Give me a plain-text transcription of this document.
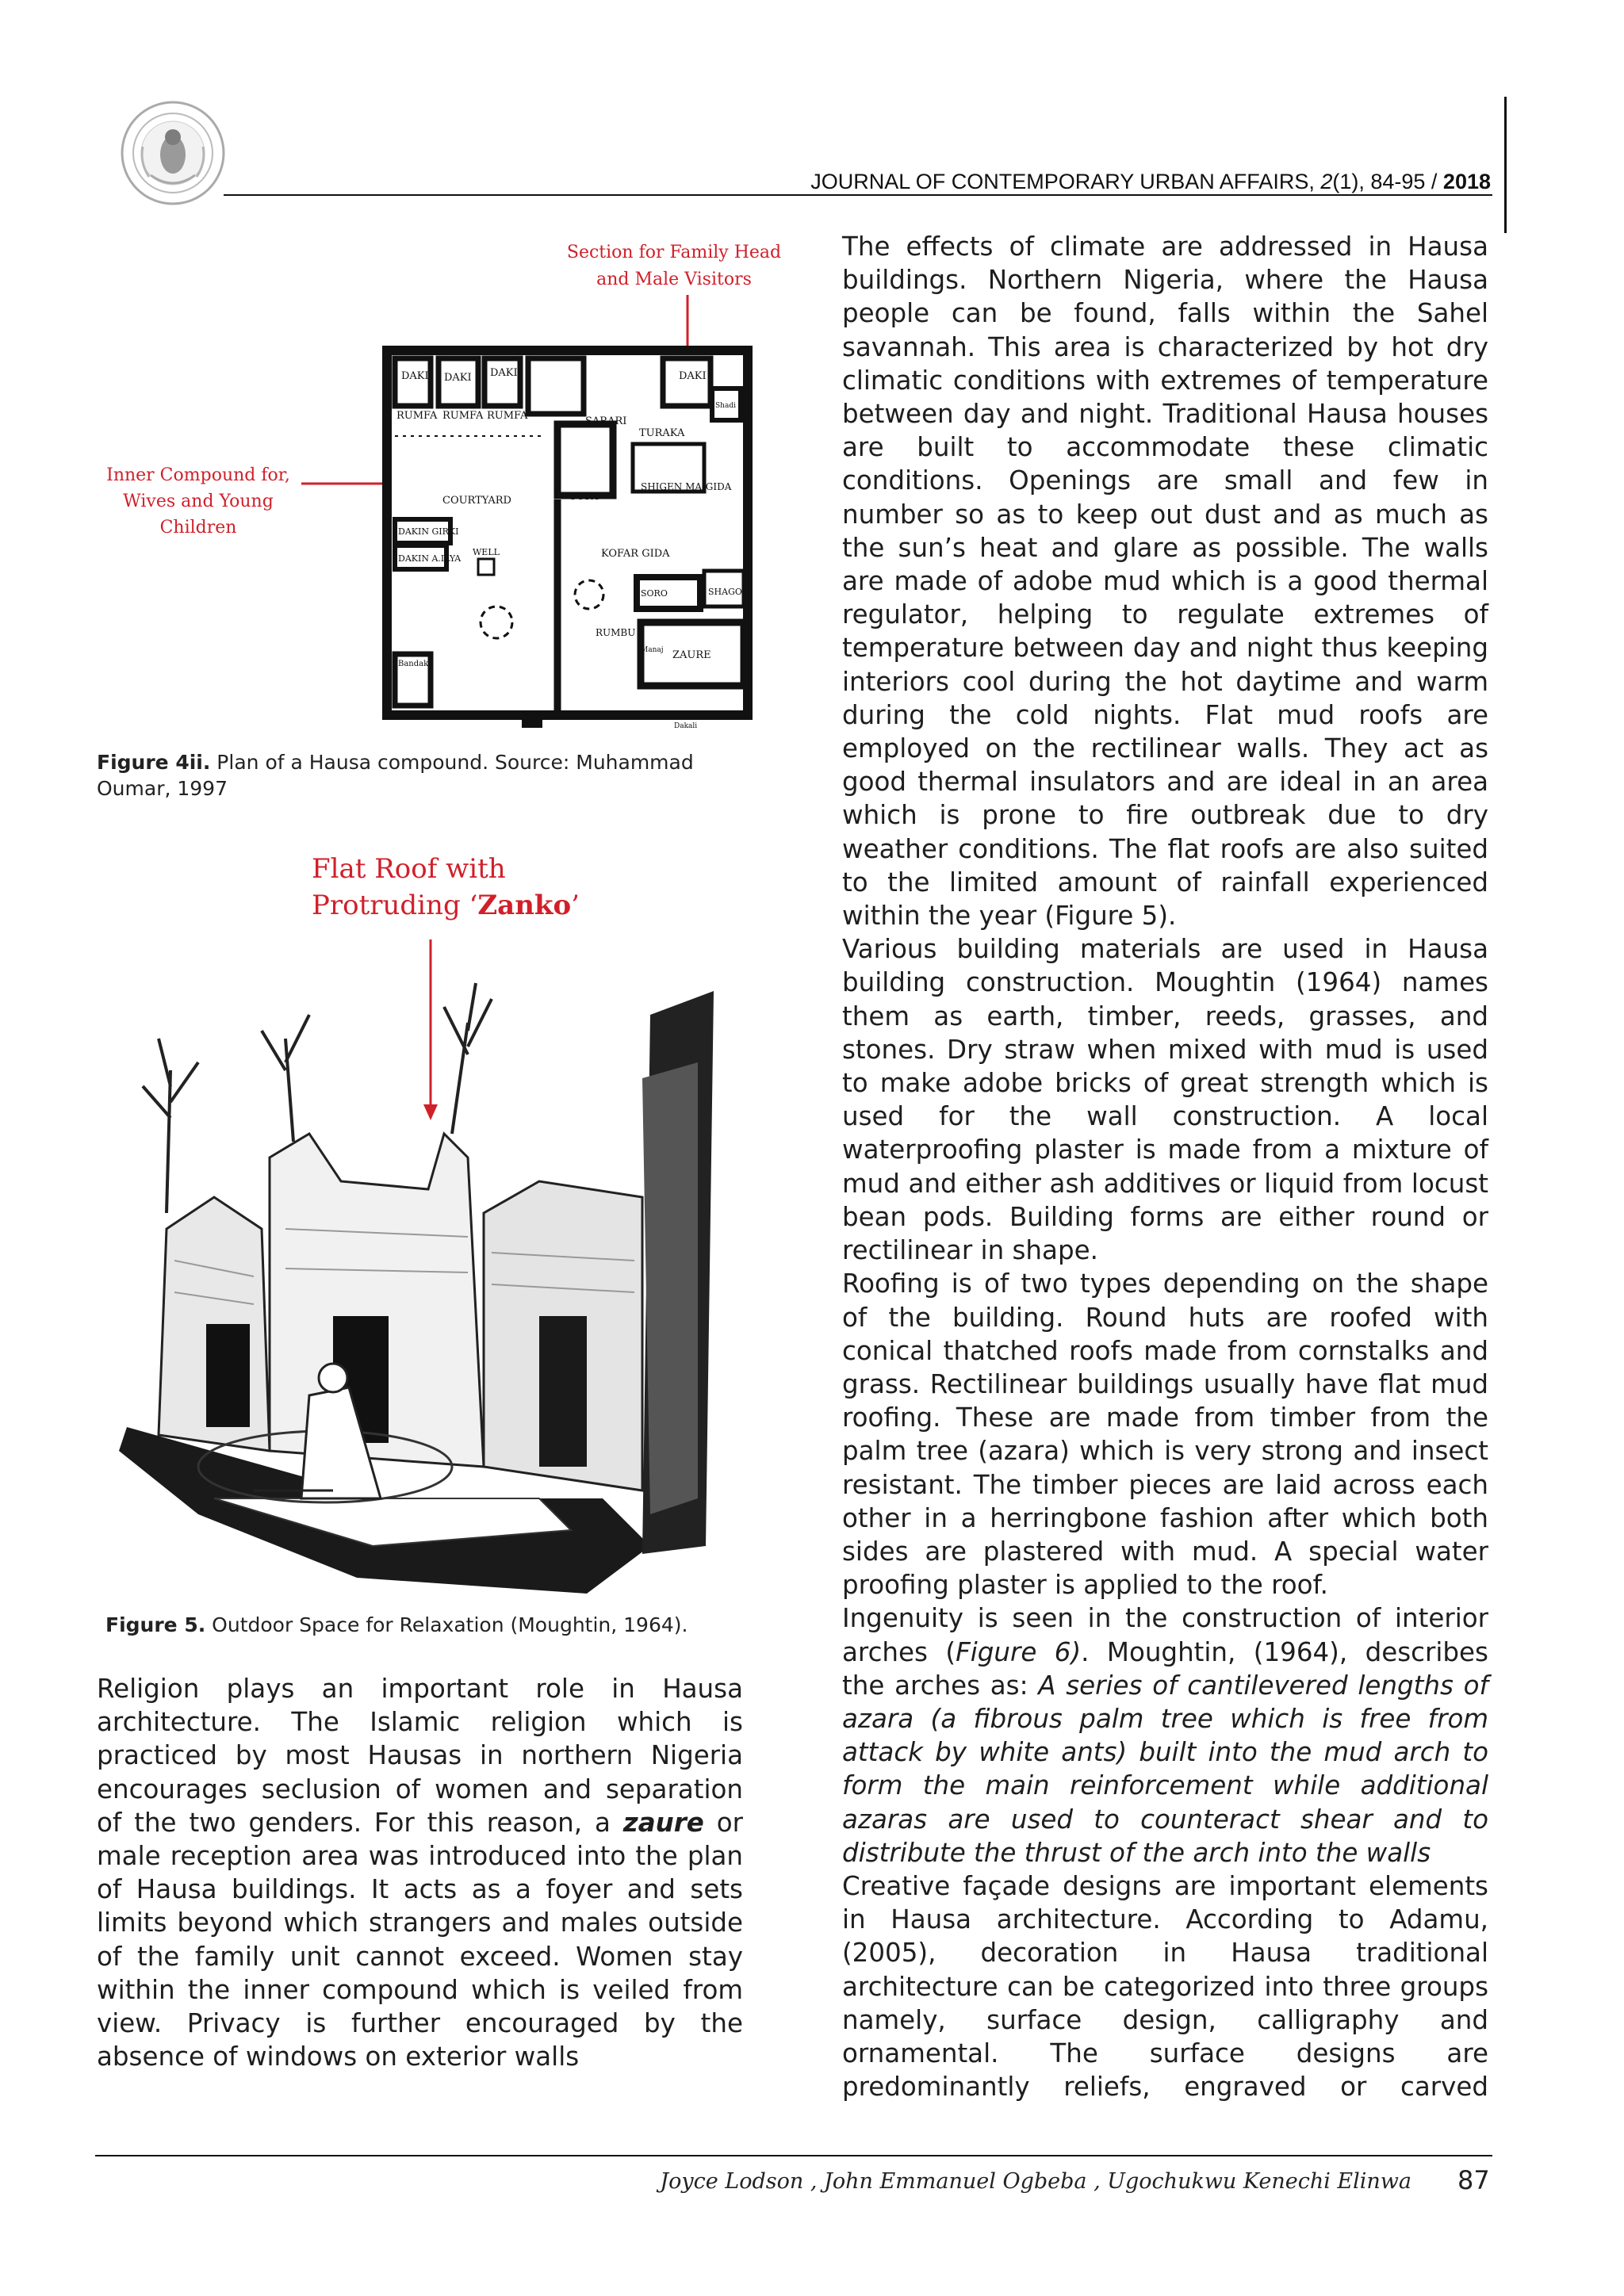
JOURNAL OF CONTEMPORARY URBAN AFFAIRS, 2(1), 84-95 / 2018
Section for Family Head and Male Visitors
Inner Compound for, Wives and Young Children
DAKI DAKI DAKI	DAKI
RUMFA RUMFA RUMFA	SARARI
TURAKA
Shadi
COURTYARD	SORO
SHIGEN MAIGIDA
DAKIN GIRKI
DAKIN A.ILYA
WELL	KOFAR GIDA
SORO	SHAGO
Bandaki
RUMBU
Manaj ZAURE
Dakali
Figure 4ii. Plan of a Hausa compound. Source: Muhammad Oumar, 1997
Flat Roof with
Protruding ‘Zanko’
Figure 5. Outdoor Space for Relaxation (Moughtin, 1964).

The effects of climate are addressed in Hausa buildings. Northern Nigeria, where the Hausa people can be found, falls within the Sahel savannah. This area is characterized by hot dry climatic conditions with extremes of temperature between day and night. Traditional Hausa houses are built to accommodate these climatic conditions. Openings are small and few in number so as to keep out dust and as much as the sun’s heat and glare as possible. The walls are made of adobe mud which is a good thermal regulator, helping to regulate extremes of temperature between day and night thus keeping interiors cool during the hot daytime and warm during the cold nights. Flat mud roofs are employed on the rectilinear walls. They act as good thermal insulators and are ideal in an area which is prone to fire outbreak due to dry weather conditions. The flat roofs are also suited to the limited amount of rainfall experienced within the year (Figure 5).

Various building materials are used in Hausa building construction. Moughtin (1964) names them as earth, timber, reeds, grasses, and stones. Dry straw when mixed with mud is used to make adobe bricks of great strength which is used for the wall construction. A local waterproofing plaster is made from a mixture of mud and either ash additives or liquid from locust bean pods. Building forms are either round or rectilinear in shape.

Roofing is of two types depending on the shape of the building. Round huts are roofed with conical thatched roofs made from cornstalks and grass. Rectilinear buildings usually have flat mud roofing. These are made from timber from the palm tree (azara) which is very strong and insect resistant. The timber pieces are laid across each other in a herringbone fashion after which both sides are plastered with mud. A special water proofing plaster is applied to the roof.

Ingenuity is seen in the construction of interior arches (Figure 6). Moughtin, (1964), describes the arches as: A series of cantilevered lengths of azara (a fibrous palm tree which is free from attack by white ants) built into the mud arch to form the main reinforcement while additional azaras are used to counteract shear and to distribute the thrust of the arch into the walls

Creative façade designs are important elements in Hausa architecture. According to Adamu, (2005), decoration in Hausa traditional architecture can be categorized into three groups namely, surface design, calligraphy and ornamental. The surface designs are predominantly reliefs, engraved or carved

Religion plays an important role in Hausa architecture. The Islamic religion which is practiced by most Hausas in northern Nigeria encourages seclusion of women and separation of the two genders. For this reason, a zaure or male reception area was introduced into the plan of Hausa buildings. It acts as a foyer and sets limits beyond which strangers and males outside of the family unit cannot exceed. Women stay within the inner compound which is veiled from view. Privacy is further encouraged by the absence of windows on exterior walls

Joyce Lodson , John Emmanuel Ogbeba , Ugochukwu Kenechi Elinwa 87
